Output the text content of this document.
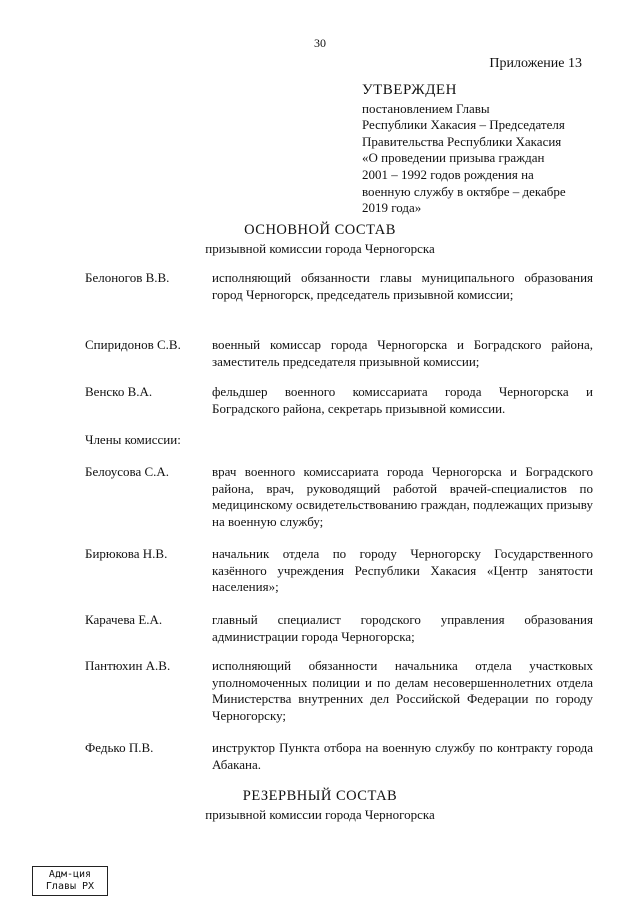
30
Приложение 13
УТВЕРЖДЕН
постановлением Главы
Республики Хакасия – Председателя
Правительства Республики Хакасия
«О проведении призыва граждан
2001 – 1992 годов рождения на
военную службу в октябре – декабре
2019 года»
ОСНОВНОЙ СОСТАВ
призывной комиссии города Черногорска
Белоногов В.В.	исполняющий обязанности главы муниципального образования город Черногорск, председатель призывной комиссии;
Спиридонов С.В.	военный комиссар города Черногорска и Боградского района, заместитель председателя призывной комиссии;
Венско В.А.	фельдшер военного комиссариата города Черногорска и Боградского района, секретарь призывной комиссии.
Члены комиссии:
Белоусова С.А.	врач военного комиссариата города Черногорска и Боградского района, врач, руководящий работой врачей-специалистов по медицинскому освидетельствованию граждан, подлежащих призыву на военную службу;
Бирюкова Н.В.	начальник отдела по городу Черногорску Государственного казённого учреждения Республики Хакасия «Центр занятости населения»;
Карачева Е.А.	главный специалист городского управления образования администрации города Черногорска;
Пантюхин А.В.	исполняющий обязанности начальника отдела участковых уполномоченных полиции и по делам несовершеннолетних отдела Министерства внутренних дел Российской Федерации по городу Черногорску;
Федько П.В.	инструктор Пункта отбора на военную службу по контракту города Абакана.
РЕЗЕРВНЫЙ СОСТАВ
призывной комиссии города Черногорска
Адм-ция
Главы РХ
